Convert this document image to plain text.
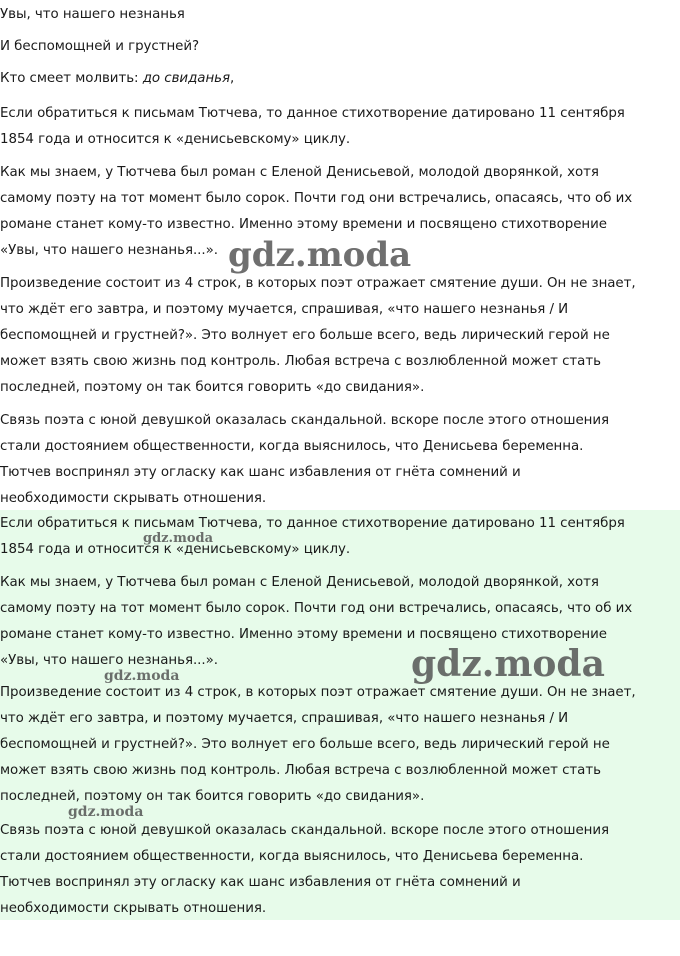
Увы, что нашего незнанья

И беспомощней и грустней?

Кто смеет молвить: до свиданья,

Если обратиться к письмам Тютчева, то данное стихотворение датировано 11 сентября
1854 года и относится к «денисьевскому» циклу.

Как мы знаем, у Тютчева был роман с Еленой Денисьевой, молодой дворянкой, хотя
самому поэту на тот момент было сорок. Почти год они встречались, опасаясь, что об их
романе станет кому-то известно. Именно этому времени и посвящено стихотворение
«Увы, что нашего незнанья...».

Произведение состоит из 4 строк, в которых поэт отражает смятение души. Он не знает,
что ждёт его завтра, и поэтому мучается, спрашивая, «что нашего незнанья / И
беспомощней и грустней?». Это волнует его больше всего, ведь лирический герой не
может взять свою жизнь под контроль. Любая встреча с возлюбленной может стать
последней, поэтому он так боится говорить «до свидания».

Связь поэта с юной девушкой оказалась скандальной. вскоре после этого отношения
стали достоянием общественности, когда выяснилось, что Денисьева беременна.
Тютчев воспринял эту огласку как шанс избавления от гнёта сомнений и
необходимости скрывать отношения.

Если обратиться к письмам Тютчева, то данное стихотворение датировано 11 сентября
1854 года и относится к «денисьевскому» циклу.

Как мы знаем, у Тютчева был роман с Еленой Денисьевой, молодой дворянкой, хотя
самому поэту на тот момент было сорок. Почти год они встречались, опасаясь, что об их
романе станет кому-то известно. Именно этому времени и посвящено стихотворение
«Увы, что нашего незнанья...».

Произведение состоит из 4 строк, в которых поэт отражает смятение души. Он не знает,
что ждёт его завтра, и поэтому мучается, спрашивая, «что нашего незнанья / И
беспомощней и грустней?». Это волнует его больше всего, ведь лирический герой не
может взять свою жизнь под контроль. Любая встреча с возлюбленной может стать
последней, поэтому он так боится говорить «до свидания».

Связь поэта с юной девушкой оказалась скандальной. вскоре после этого отношения
стали достоянием общественности, когда выяснилось, что Денисьева беременна.
Тютчев воспринял эту огласку как шанс избавления от гнёта сомнений и
необходимости скрывать отношения.

gdz.moda
gdz.moda
gdz.moda
gdz.moda
gdz.moda
